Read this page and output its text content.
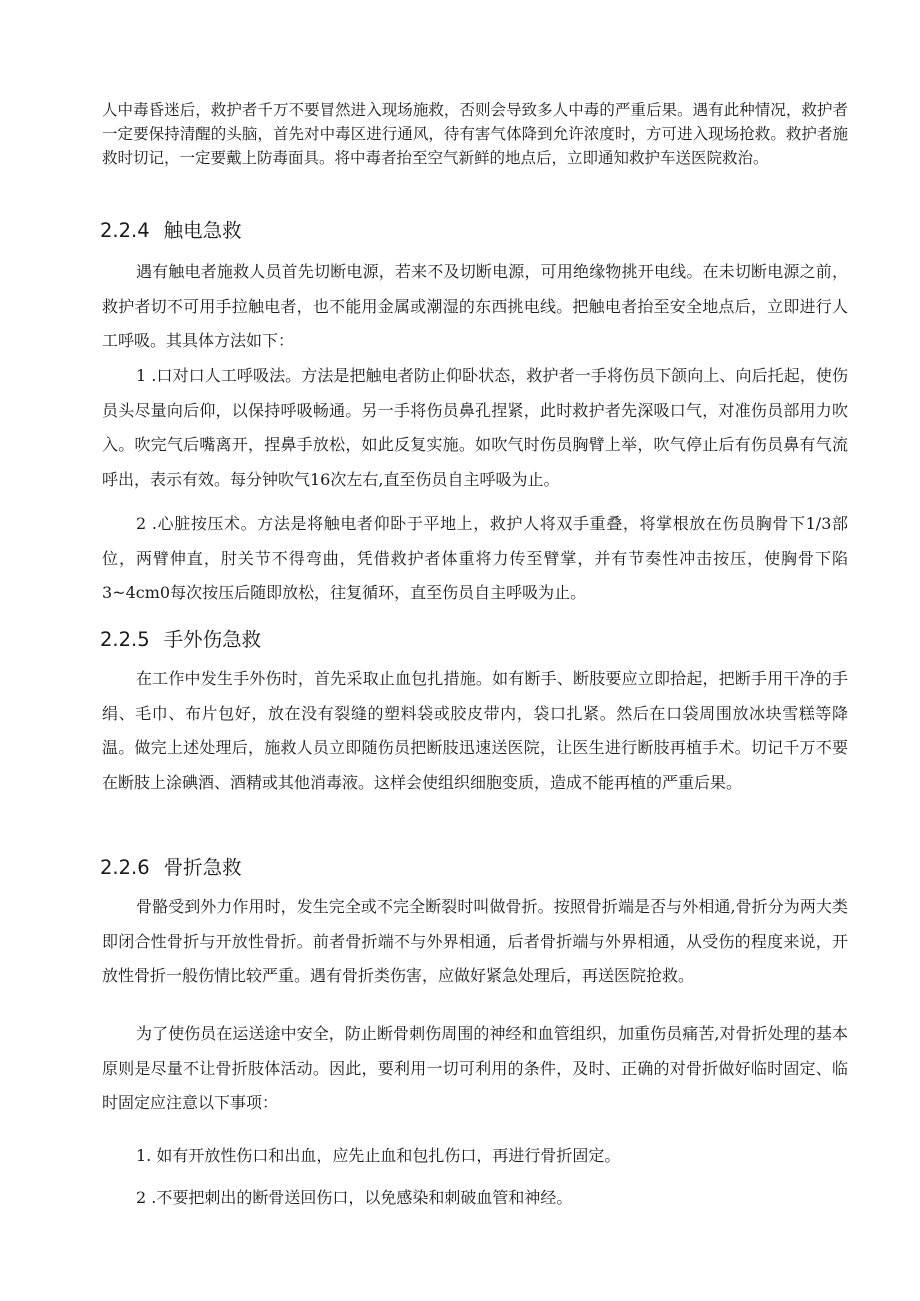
人中毒昏迷后，救护者千万不要冒然进入现场施救，否则会导致多人中毒的严重后果。遇有此种情况，救护者一定要保持清醒的头脑，首先对中毒区进行通风，待有害气体降到允许浓度时，方可进入现场抢救。救护者施救时切记，一定要戴上防毒面具。将中毒者抬至空气新鲜的地点后，立即通知救护车送医院救治。

2.2.4 触电急救

遇有触电者施救人员首先切断电源，若来不及切断电源，可用绝缘物挑开电线。在未切断电源之前，救护者切不可用手拉触电者，也不能用金属或潮湿的东西挑电线。把触电者抬至安全地点后，立即进行人工呼吸。其具体方法如下：

1 .口对口人工呼吸法。方法是把触电者防止仰卧状态，救护者一手将伤员下颌向上、向后托起，使伤员头尽量向后仰，以保持呼吸畅通。另一手将伤员鼻孔捏紧，此时救护者先深吸口气，对准伤员部用力吹入。吹完气后嘴离开，捏鼻手放松，如此反复实施。如吹气时伤员胸臂上举，吹气停止后有伤员鼻有气流呼出，表示有效。每分钟吹气16次左右,直至伤员自主呼吸为止。

2 .心脏按压术。方法是将触电者仰卧于平地上，救护人将双手重叠，将掌根放在伤员胸骨下1/3部位，两臂伸直，肘关节不得弯曲，凭借救护者体重将力传至臂掌，并有节奏性冲击按压，使胸骨下陷3~4cm0每次按压后随即放松，往复循环，直至伤员自主呼吸为止。

2.2.5 手外伤急救

在工作中发生手外伤时，首先采取止血包扎措施。如有断手、断肢要应立即拾起，把断手用干净的手绢、毛巾、布片包好，放在没有裂缝的塑料袋或胶皮带内，袋口扎紧。然后在口袋周围放冰块雪糕等降温。做完上述处理后，施救人员立即随伤员把断肢迅速送医院，让医生进行断肢再植手术。切记千万不要在断肢上涂碘酒、酒精或其他消毒液。这样会使组织细胞变质，造成不能再植的严重后果。

2.2.6 骨折急救

骨骼受到外力作用时，发生完全或不完全断裂时叫做骨折。按照骨折端是否与外相通,骨折分为两大类 即闭合性骨折与开放性骨折。前者骨折端不与外界相通，后者骨折端与外界相通，从受伤的程度来说，开放性骨折一般伤情比较严重。遇有骨折类伤害，应做好紧急处理后，再送医院抢救。

为了使伤员在运送途中安全，防止断骨刺伤周围的神经和血管组织，加重伤员痛苦,对骨折处理的基本原则是尽量不让骨折肢体活动。因此，要利用一切可利用的条件，及时、正确的对骨折做好临时固定、临时固定应注意以下事项：

1. 如有开放性伤口和出血，应先止血和包扎伤口，再进行骨折固定。
2 .不要把刺出的断骨送回伤口，以免感染和刺破血管和神经。
